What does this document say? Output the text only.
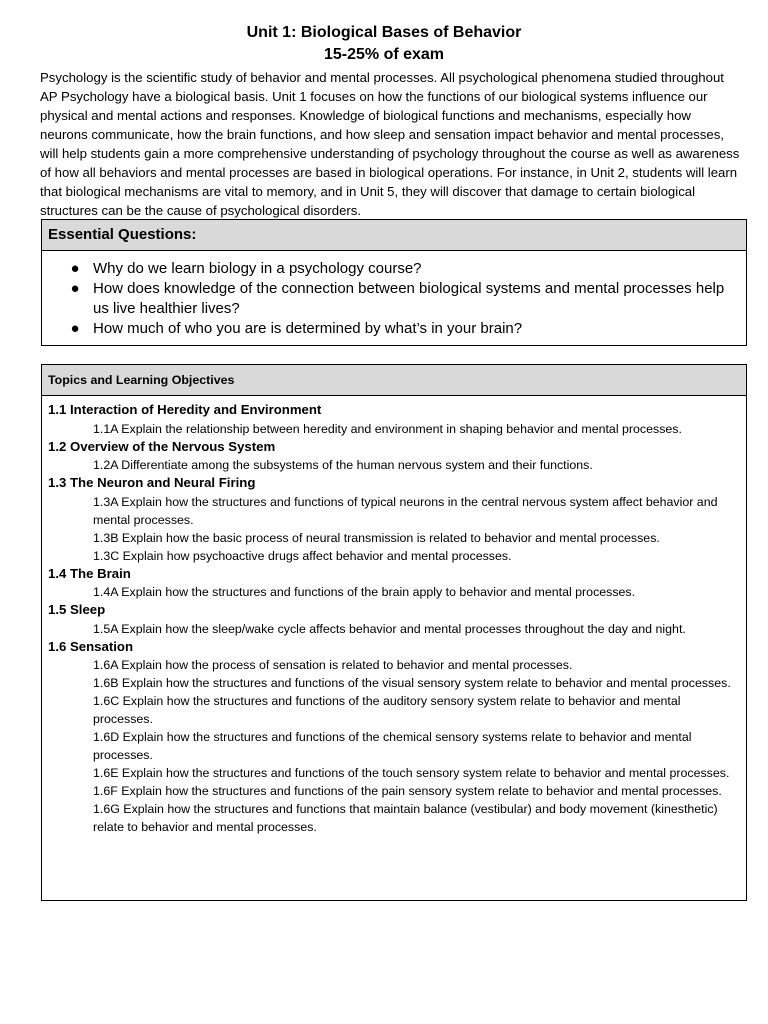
Unit 1: Biological Bases of Behavior
15-25% of exam

Psychology is the scientific study of behavior and mental processes. All psychological phenomena studied throughout AP Psychology have a biological basis. Unit 1 focuses on how the functions of our biological systems influence our physical and mental actions and responses. Knowledge of biological functions and mechanisms, especially how neurons communicate, how the brain functions, and how sleep and sensation impact behavior and mental processes, will help students gain a more comprehensive understanding of psychology throughout the course as well as awareness of how all behaviors and mental processes are based in biological operations. For instance, in Unit 2, students will learn that biological mechanisms are vital to memory, and in Unit 5, they will discover that damage to certain biological structures can be the cause of psychological disorders.

Essential Questions:
● Why do we learn biology in a psychology course?
● How does knowledge of the connection between biological systems and mental processes help us live healthier lives?
● How much of who you are is determined by what’s in your brain?
Topics and Learning Objectives
1.1 Interaction of Heredity and Environment
1.1A Explain the relationship between heredity and environment in shaping behavior and mental processes.
1.2 Overview of the Nervous System
1.2A Differentiate among the subsystems of the human nervous system and their functions.
1.3 The Neuron and Neural Firing
1.3A Explain how the structures and functions of typical neurons in the central nervous system affect behavior and mental processes.
1.3B Explain how the basic process of neural transmission is related to behavior and mental processes.
1.3C Explain how psychoactive drugs affect behavior and mental processes.
1.4 The Brain
1.4A Explain how the structures and functions of the brain apply to behavior and mental processes.
1.5 Sleep
1.5A Explain how the sleep/wake cycle affects behavior and mental processes throughout the day and night.
1.6 Sensation
1.6A Explain how the process of sensation is related to behavior and mental processes.
1.6B Explain how the structures and functions of the visual sensory system relate to behavior and mental processes.
1.6C Explain how the structures and functions of the auditory sensory system relate to behavior and mental processes.
1.6D Explain how the structures and functions of the chemical sensory systems relate to behavior and mental processes.
1.6E Explain how the structures and functions of the touch sensory system relate to behavior and mental processes.
1.6F Explain how the structures and functions of the pain sensory system relate to behavior and mental processes.
1.6G Explain how the structures and functions that maintain balance (vestibular) and body movement (kinesthetic) relate to behavior and mental processes.
